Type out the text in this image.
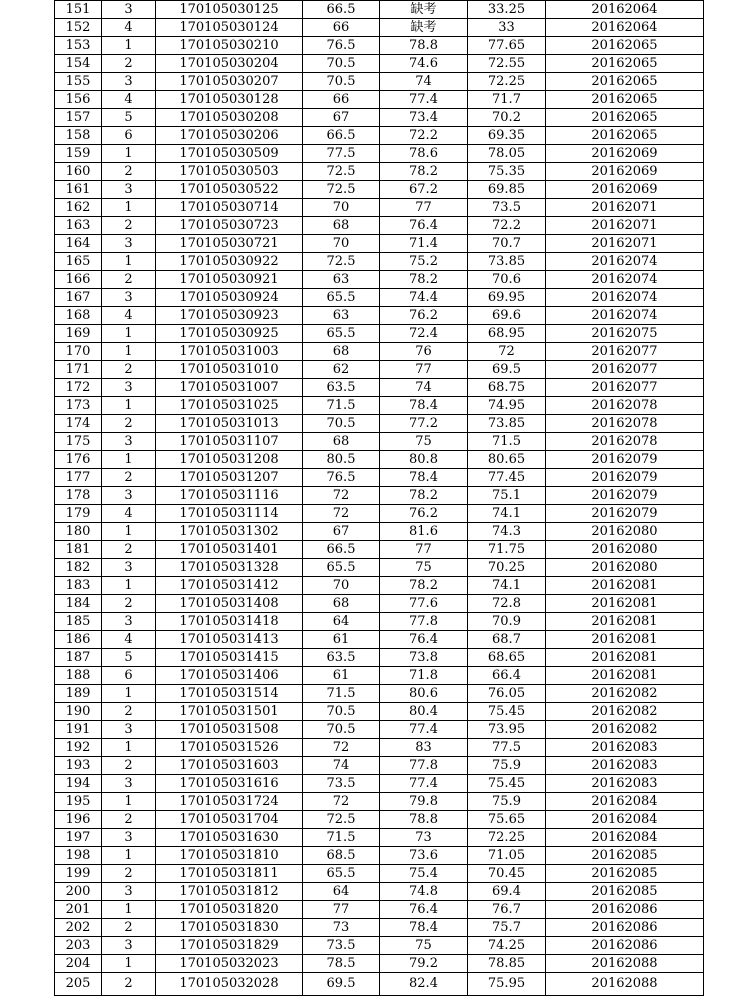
151	3	170105030125	66.5	缺考	33.25	20162064
152	4	170105030124	66	缺考	33	20162064
153	1	170105030210	76.5	78.8	77.65	20162065
154	2	170105030204	70.5	74.6	72.55	20162065
155	3	170105030207	70.5	74	72.25	20162065
156	4	170105030128	66	77.4	71.7	20162065
157	5	170105030208	67	73.4	70.2	20162065
158	6	170105030206	66.5	72.2	69.35	20162065
159	1	170105030509	77.5	78.6	78.05	20162069
160	2	170105030503	72.5	78.2	75.35	20162069
161	3	170105030522	72.5	67.2	69.85	20162069
162	1	170105030714	70	77	73.5	20162071
163	2	170105030723	68	76.4	72.2	20162071
164	3	170105030721	70	71.4	70.7	20162071
165	1	170105030922	72.5	75.2	73.85	20162074
166	2	170105030921	63	78.2	70.6	20162074
167	3	170105030924	65.5	74.4	69.95	20162074
168	4	170105030923	63	76.2	69.6	20162074
169	1	170105030925	65.5	72.4	68.95	20162075
170	1	170105031003	68	76	72	20162077
171	2	170105031010	62	77	69.5	20162077
172	3	170105031007	63.5	74	68.75	20162077
173	1	170105031025	71.5	78.4	74.95	20162078
174	2	170105031013	70.5	77.2	73.85	20162078
175	3	170105031107	68	75	71.5	20162078
176	1	170105031208	80.5	80.8	80.65	20162079
177	2	170105031207	76.5	78.4	77.45	20162079
178	3	170105031116	72	78.2	75.1	20162079
179	4	170105031114	72	76.2	74.1	20162079
180	1	170105031302	67	81.6	74.3	20162080
181	2	170105031401	66.5	77	71.75	20162080
182	3	170105031328	65.5	75	70.25	20162080
183	1	170105031412	70	78.2	74.1	20162081
184	2	170105031408	68	77.6	72.8	20162081
185	3	170105031418	64	77.8	70.9	20162081
186	4	170105031413	61	76.4	68.7	20162081
187	5	170105031415	63.5	73.8	68.65	20162081
188	6	170105031406	61	71.8	66.4	20162081
189	1	170105031514	71.5	80.6	76.05	20162082
190	2	170105031501	70.5	80.4	75.45	20162082
191	3	170105031508	70.5	77.4	73.95	20162082
192	1	170105031526	72	83	77.5	20162083
193	2	170105031603	74	77.8	75.9	20162083
194	3	170105031616	73.5	77.4	75.45	20162083
195	1	170105031724	72	79.8	75.9	20162084
196	2	170105031704	72.5	78.8	75.65	20162084
197	3	170105031630	71.5	73	72.25	20162084
198	1	170105031810	68.5	73.6	71.05	20162085
199	2	170105031811	65.5	75.4	70.45	20162085
200	3	170105031812	64	74.8	69.4	20162085
201	1	170105031820	77	76.4	76.7	20162086
202	2	170105031830	73	78.4	75.7	20162086
203	3	170105031829	73.5	75	74.25	20162086
204	1	170105032023	78.5	79.2	78.85	20162088
205	2	170105032028	69.5	82.4	75.95	20162088
